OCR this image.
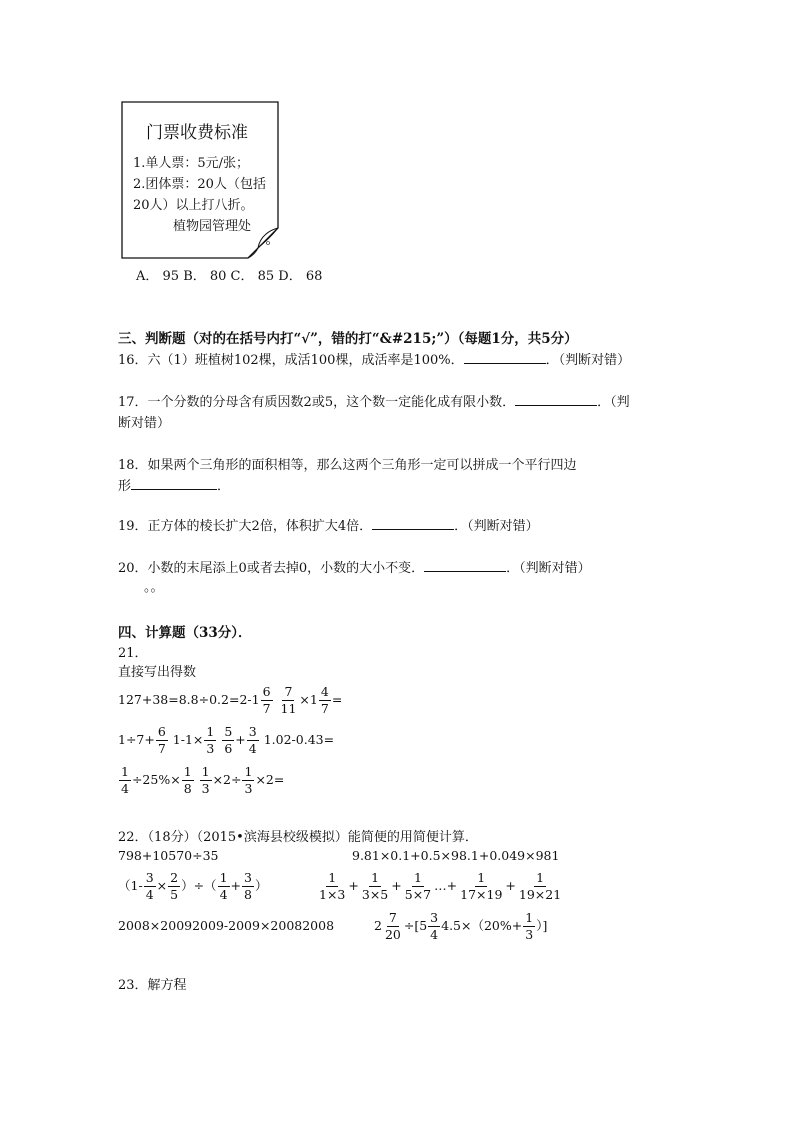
门票收费标准
1.单人票：5元/张；
2.团体票：20人（包括
20人）以上打八折。
植物园管理处
A． 95 B． 80 C． 85 D． 68
三、判断题（对的在括号内打“√”，错的打“&#215;”）（每题1分，共5分）
16．六（1）班植树102棵，成活100棵，成活率是100%．	．（判断对错）
17．一个分数的分母含有质因数2或5，这个数一定能化成有限小数．	．（判
断对错）
18．如果两个三角形的面积相等，那么这两个三角形一定可以拼成一个平行四边
形	．
19．正方体的棱长扩大2倍，体积扩大4倍．	．（判断对错）
20．小数的末尾添上0或者去掉0，小数的大小不变．	．（判断对错）
。。
四、计算题（33分）．
21．
直接写出得数
$127+38=8.8\div 0.2=2-1 \frac{6}{7}$
$\frac{7}{11} \times 1 \frac{4}{7}$ =
$1\div 7+ \frac{6}{7} 1-1\times \frac{1}{3}$
$\frac{5}{6} + \frac{3}{4} 1.02-0.43=$
$\frac{1}{4} \div 25\%\times \frac{1}{8}$
$\frac{1}{3} \times 2\div \frac{1}{3} \times 2=$
22．（18分）（2015•滨海县校级模拟）能简便的用简便计算．
798+10570÷35	9.81×0.1+0.5×98.1+0.049×981
（$1- \frac{3}{4} \times \frac{2}{5}$ ）÷（ $\frac{1}{4} + \frac{3}{8}$ ）	$\frac{1}{1\times 3} + \frac{1}{3\times 5} + \frac{1}{5\times 7}$ …+ $\frac{1}{17\times 19} + \frac{1}{19\times 21}$
2008×20092009-2009×20082008	$2 \frac{7}{20} \div[5 \frac{3}{4} 4.5\times(20\%+ \frac{1}{3}$ ）]
23．解方程
